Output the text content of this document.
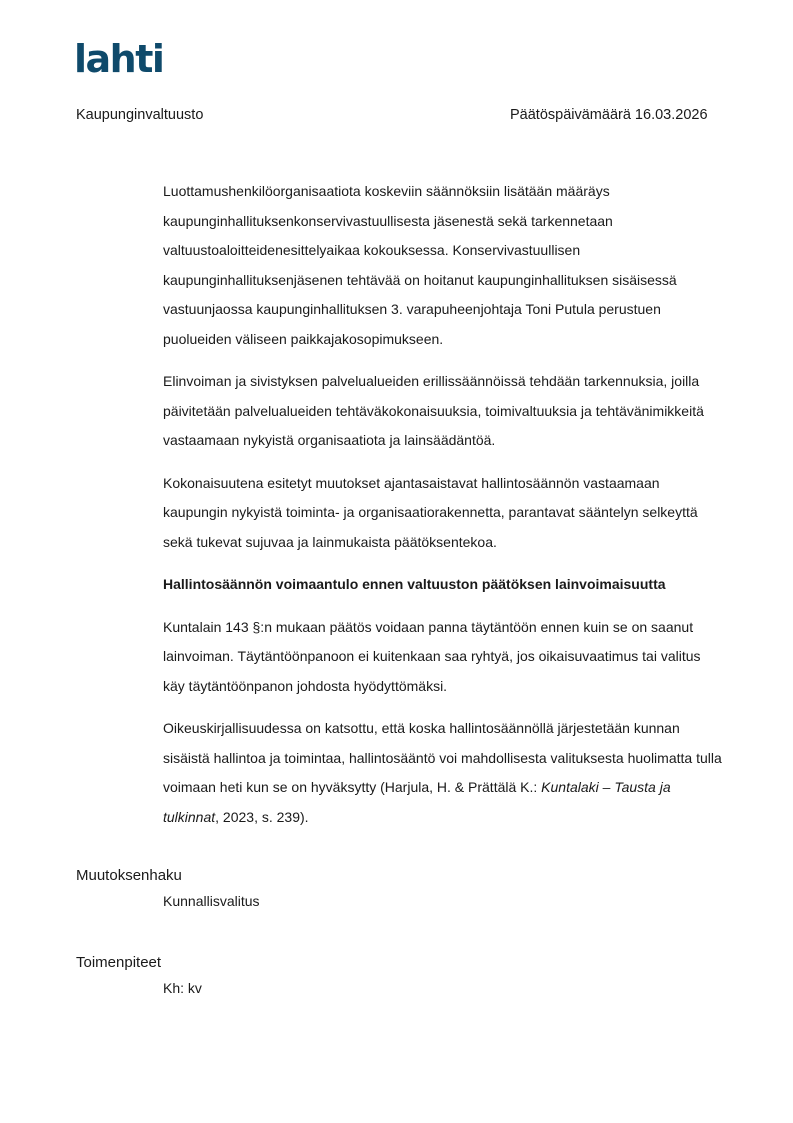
lahti
Kaupunginvaltuusto	Päätöspäivämäärä 16.03.2026

Luottamushenkilöorganisaatiota koskeviin säännöksiin lisätään määräys kaupunginhallituksenkonservivastuullisesta jäsenestä sekä tarkennetaan valtuustoaloitteidenesittelyaikaa kokouksessa. Konservivastuullisen kaupunginhallituksenjäsenen tehtävää on hoitanut kaupunginhallituksen sisäisessä vastuunjaossa kaupunginhallituksen 3. varapuheenjohtaja Toni Putula perustuen puolueiden väliseen paikkajakosopimukseen.

Elinvoiman ja sivistyksen palvelualueiden erillissäännöissä tehdään tarkennuksia, joilla päivitetään palvelualueiden tehtäväkokonaisuuksia, toimivaltuuksia ja tehtävänimikkeitä vastaamaan nykyistä organisaatiota ja lainsäädäntöä.

Kokonaisuutena esitetyt muutokset ajantasaistavat hallintosäännön vastaamaan kaupungin nykyistä toiminta- ja organisaatiorakennetta, parantavat sääntelyn selkeyttä sekä tukevat sujuvaa ja lainmukaista päätöksentekoa.

Hallintosäännön voimaantulo ennen valtuuston päätöksen lainvoimaisuutta

Kuntalain 143 §:n mukaan päätös voidaan panna täytäntöön ennen kuin se on saanut lainvoiman. Täytäntöönpanoon ei kuitenkaan saa ryhtyä, jos oikaisuvaatimus tai valitus käy täytäntöönpanon johdosta hyödyttömäksi.

Oikeuskirjallisuudessa on katsottu, että koska hallintosäännöllä järjestetään kunnan sisäistä hallintoa ja toimintaa, hallintosääntö voi mahdollisesta valituksesta huolimatta tulla voimaan heti kun se on hyväksytty (Harjula, H. & Prättälä K.: Kuntalaki – Tausta ja tulkinnat, 2023, s. 239).

Muutoksenhaku
Kunnallisvalitus
Toimenpiteet
Kh: kv
